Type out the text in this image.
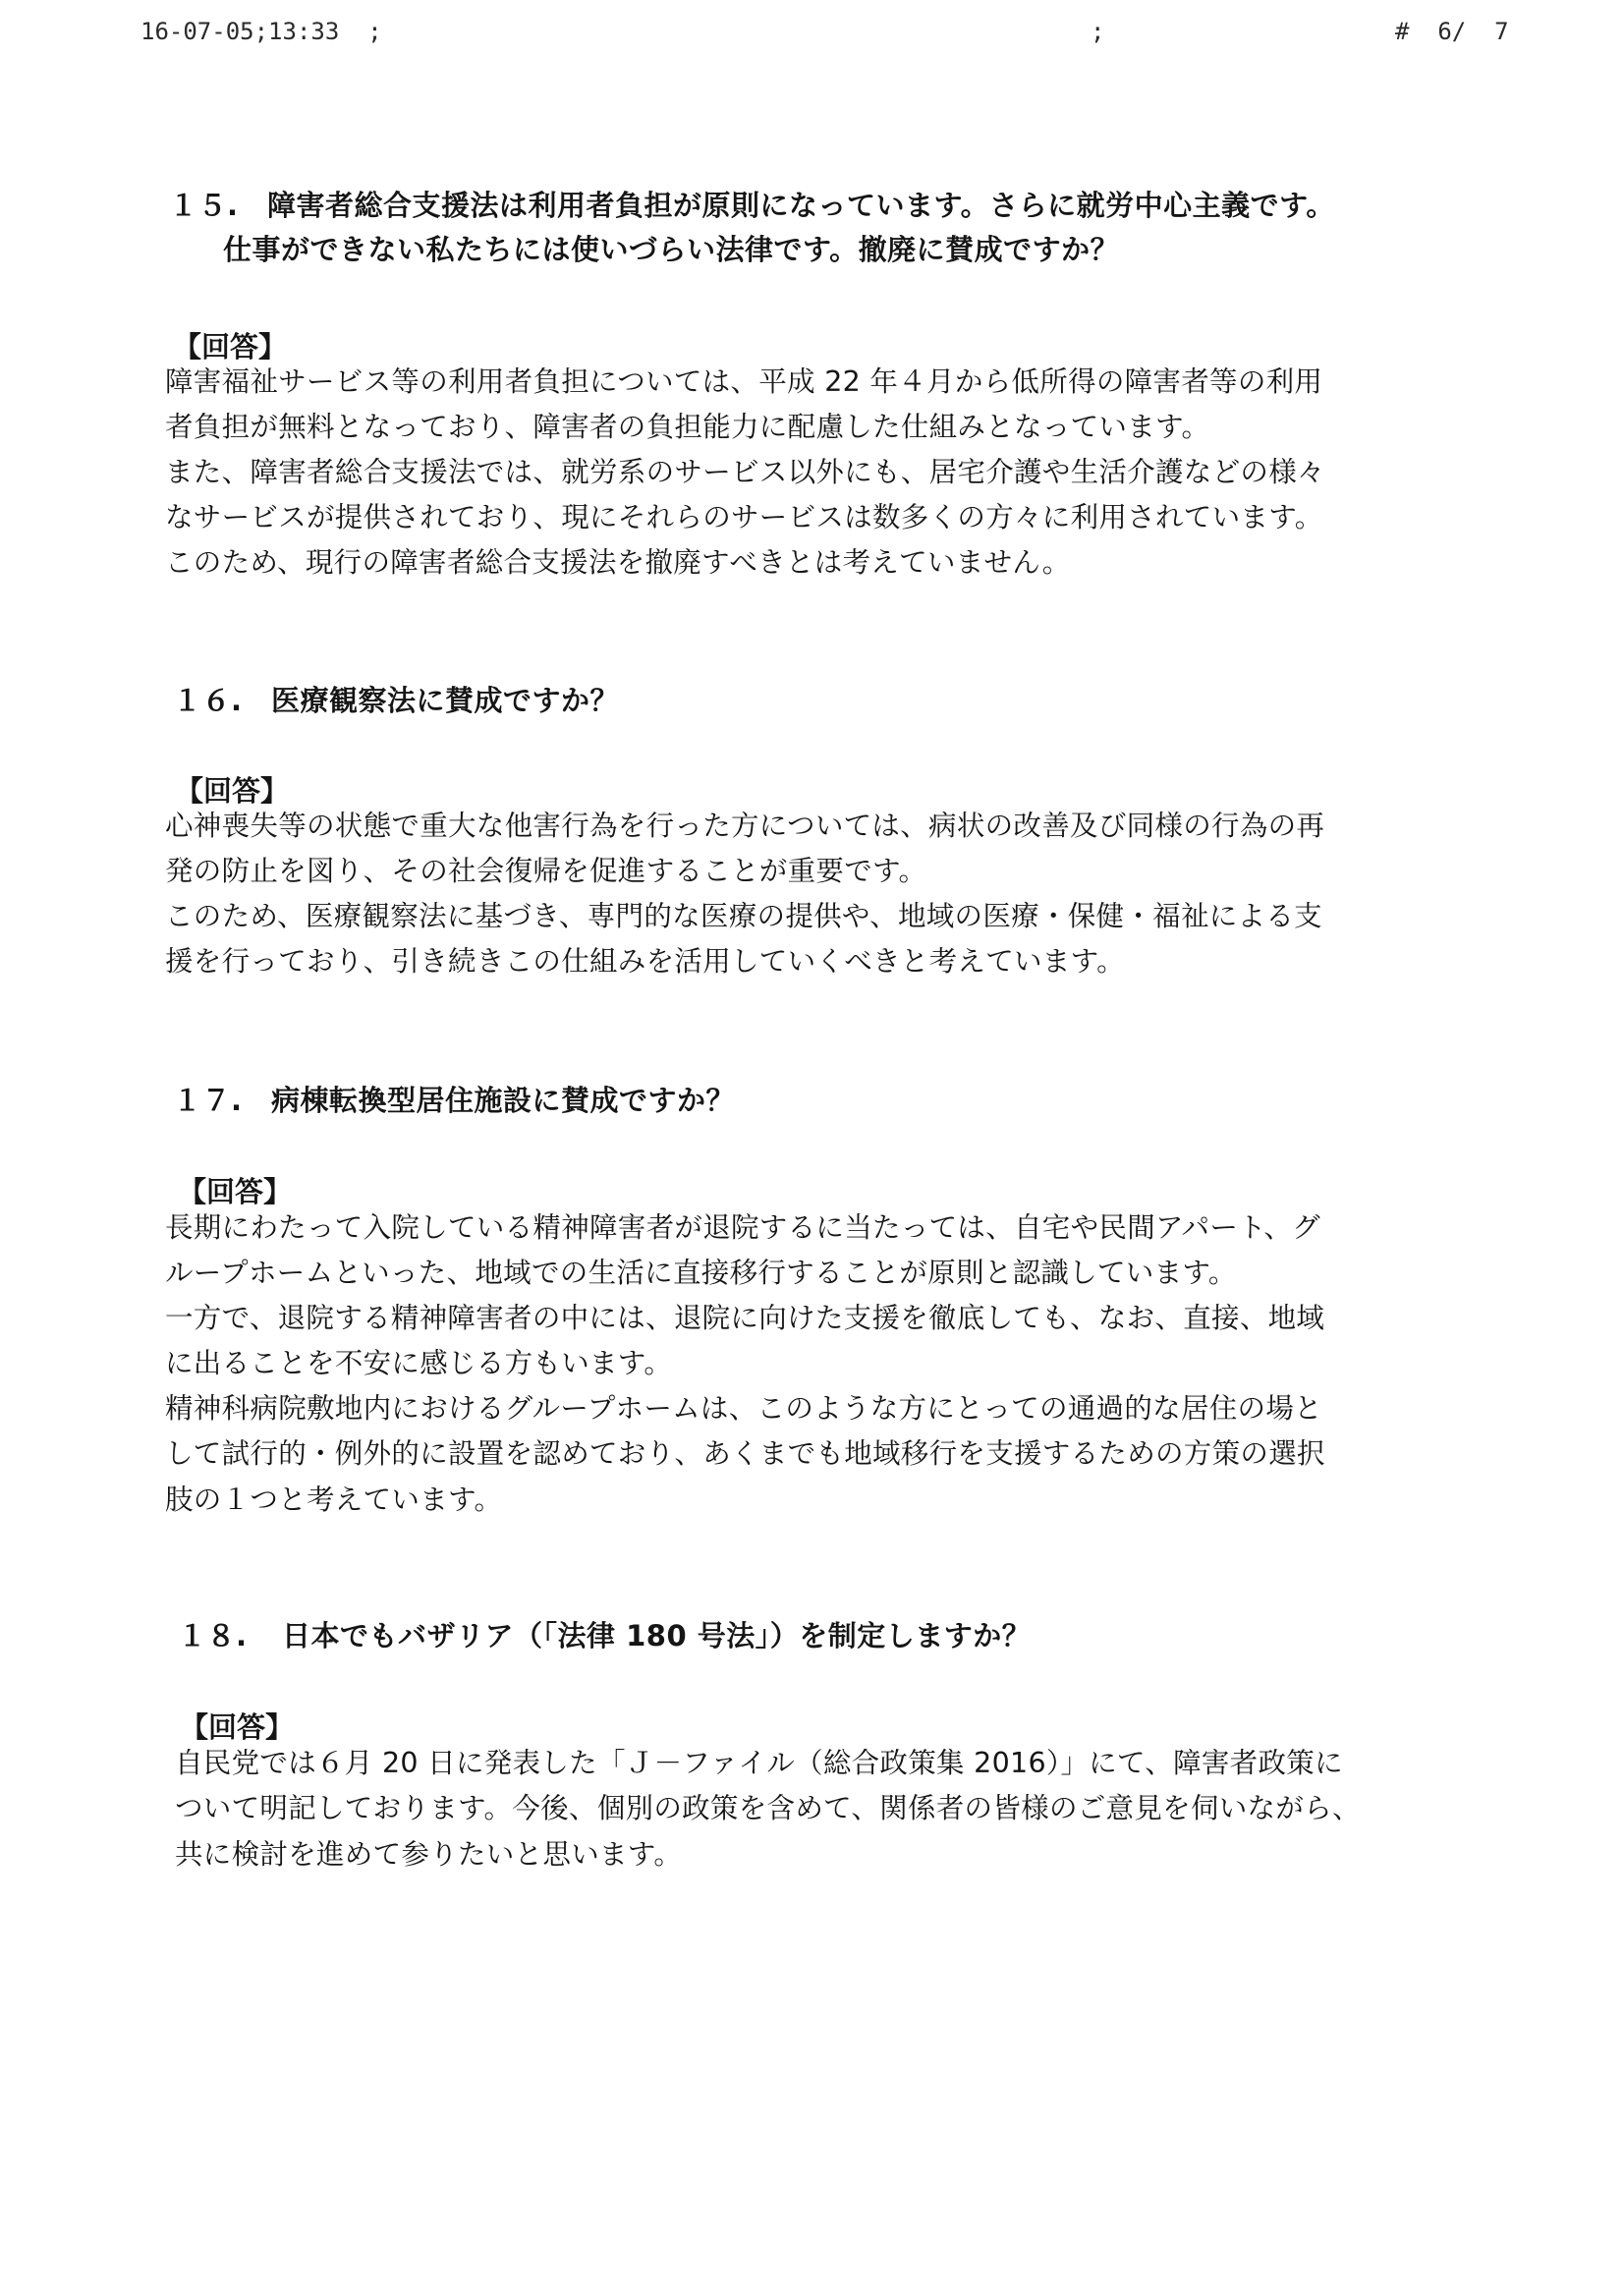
16-07-05;13:33  ;	;	#  6/  7
１５. 障害者総合支援法は利用者負担が原則になっています。さらに就労中心主義です。
仕事ができない私たちには使いづらい法律です。撤廃に賛成ですか？
【回答】
障害福祉サービス等の利用者負担については、平成 22 年４月から低所得の障害者等の利用
者負担が無料となっており、障害者の負担能力に配慮した仕組みとなっています。
また、障害者総合支援法では、就労系のサービス以外にも、居宅介護や生活介護などの様々
なサービスが提供されており、現にそれらのサービスは数多くの方々に利用されています。
このため、現行の障害者総合支援法を撤廃すべきとは考えていません。
１６. 医療観察法に賛成ですか？
【回答】
心神喪失等の状態で重大な他害行為を行った方については、病状の改善及び同様の行為の再
発の防止を図り、その社会復帰を促進することが重要です。
このため、医療観察法に基づき、専門的な医療の提供や、地域の医療・保健・福祉による支
援を行っており、引き続きこの仕組みを活用していくべきと考えています。
１７. 病棟転換型居住施設に賛成ですか？
【回答】
長期にわたって入院している精神障害者が退院するに当たっては、自宅や民間アパート、グ
ループホームといった、地域での生活に直接移行することが原則と認識しています。
一方で、退院する精神障害者の中には、退院に向けた支援を徹底しても、なお、直接、地域
に出ることを不安に感じる方もいます。
精神科病院敷地内におけるグループホームは、このような方にとっての通過的な居住の場と
して試行的・例外的に設置を認めており、あくまでも地域移行を支援するための方策の選択
肢の１つと考えています。
１８. 日本でもバザリア（「法律 180 号法」）を制定しますか？
【回答】
自民党では６月 20 日に発表した「Ｊ－ファイル（総合政策集 2016）」にて、障害者政策に
ついて明記しております。今後、個別の政策を含めて、関係者の皆様のご意見を伺いながら、
共に検討を進めて参りたいと思います。
